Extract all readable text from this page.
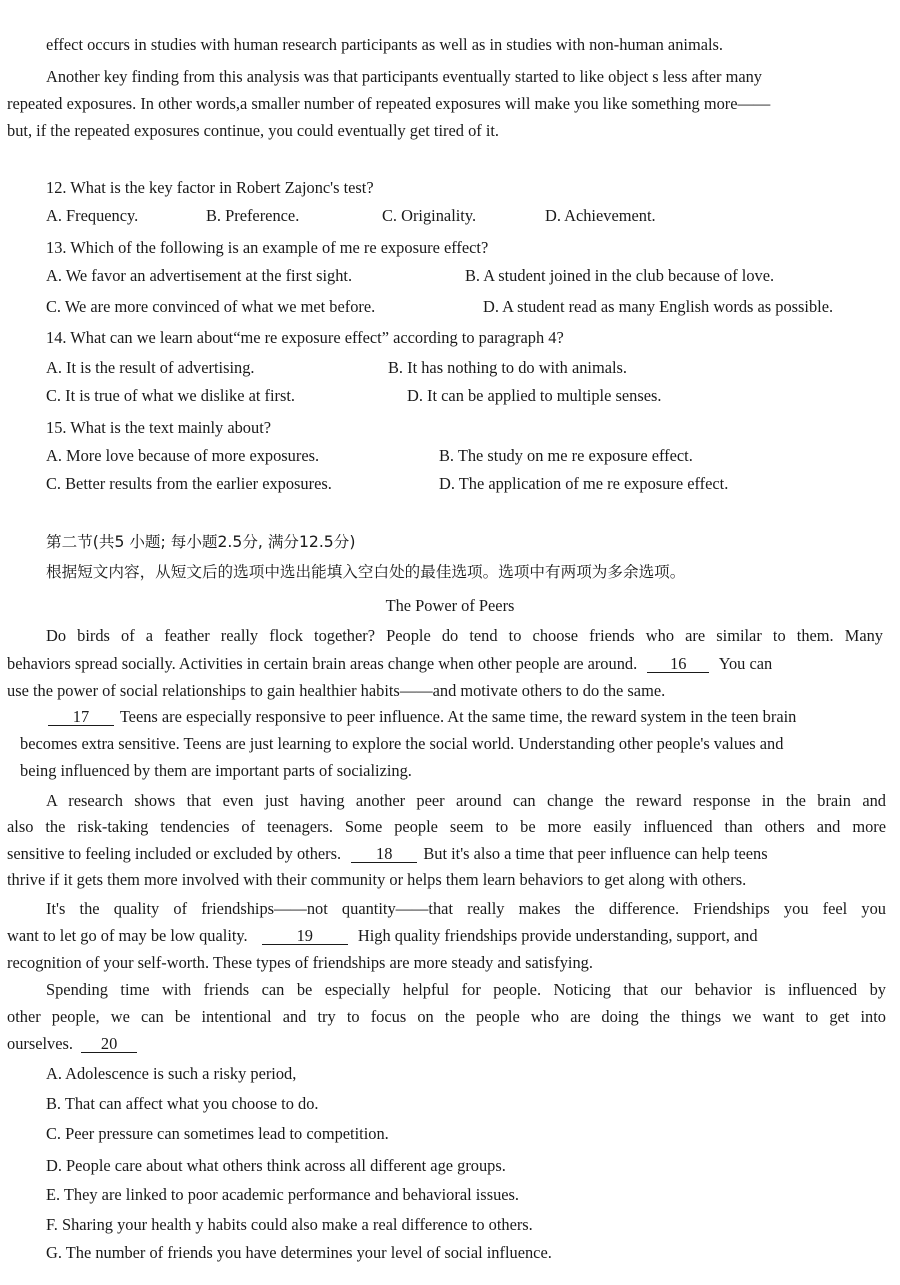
effect occurs in studies with human research participants as well as in studies with non-human animals.
Another key finding from this analysis was that participants eventually started to like object s less after many
repeated exposures. In other words,a smaller number of repeated exposures will make you like something more——
but, if the repeated exposures continue, you could eventually get tired of it.
12. What is the key factor in Robert Zajonc's test?
A. Frequency.	B. Preference.	C. Originality.	D. Achievement.
13. Which of the following is an example of me re exposure effect?
A. We favor an advertisement at the first sight.	B. A student joined in the club because of love.
C. We are more convinced of what we met before.	D. A student read as many English words as possible.
14. What can we learn about“me re exposure effect” according to paragraph 4?
A. It is the result of advertising.	B. It has nothing to do with animals.
C. It is true of what we dislike at first.	D. It can be applied to multiple senses.
15. What is the text mainly about?
A. More love because of more exposures.	B. The study on me re exposure effect.
C. Better results from the earlier exposures.	D. The application of me re exposure effect.
第二节(共5 小题; 每小题2.5分, 满分12.5分)
根据短文内容，从短文后的选项中选出能填入空白处的最佳选项。选项中有两项为多余选项。
The Power of Peers
Do birds of a feather really flock together? People do tend to choose friends who are similar to them. Many
behaviors spread socially. Activities in certain brain areas change when other people are around. 16 You can
use the power of social relationships to gain healthier habits——and motivate others to do the same.
17 Teens are especially responsive to peer influence. At the same time, the reward system in the teen brain
becomes extra sensitive. Teens are just learning to explore the social world. Understanding other people's values and
being influenced by them are important parts of socializing.
A research shows that even just having another peer around can change the reward response in the brain and
also the risk-taking tendencies of teenagers. Some people seem to be more easily influenced than others and more
sensitive to feeling included or excluded by others. 18 But it's also a time that peer influence can help teens
thrive if it gets them more involved with their community or helps them learn behaviors to get along with others.
It's the quality of friendships——not quantity——that really makes the difference. Friendships you feel you
want to let go of may be low quality.	19	High quality friendships provide understanding, support, and
recognition of your self-worth. These types of friendships are more steady and satisfying.
Spending time with friends can be especially helpful for people. Noticing that our behavior is influenced by
other people, we can be intentional and try to focus on the people who are doing the things we want to get into
ourselves. 20
A. Adolescence is such a risky period,
B. That can affect what you choose to do.
C. Peer pressure can sometimes lead to competition.
D. People care about what others think across all different age groups.
E. They are linked to poor academic performance and behavioral issues.
F. Sharing your health y habits could also make a real difference to others.
G. The number of friends you have determines your level of social influence.
